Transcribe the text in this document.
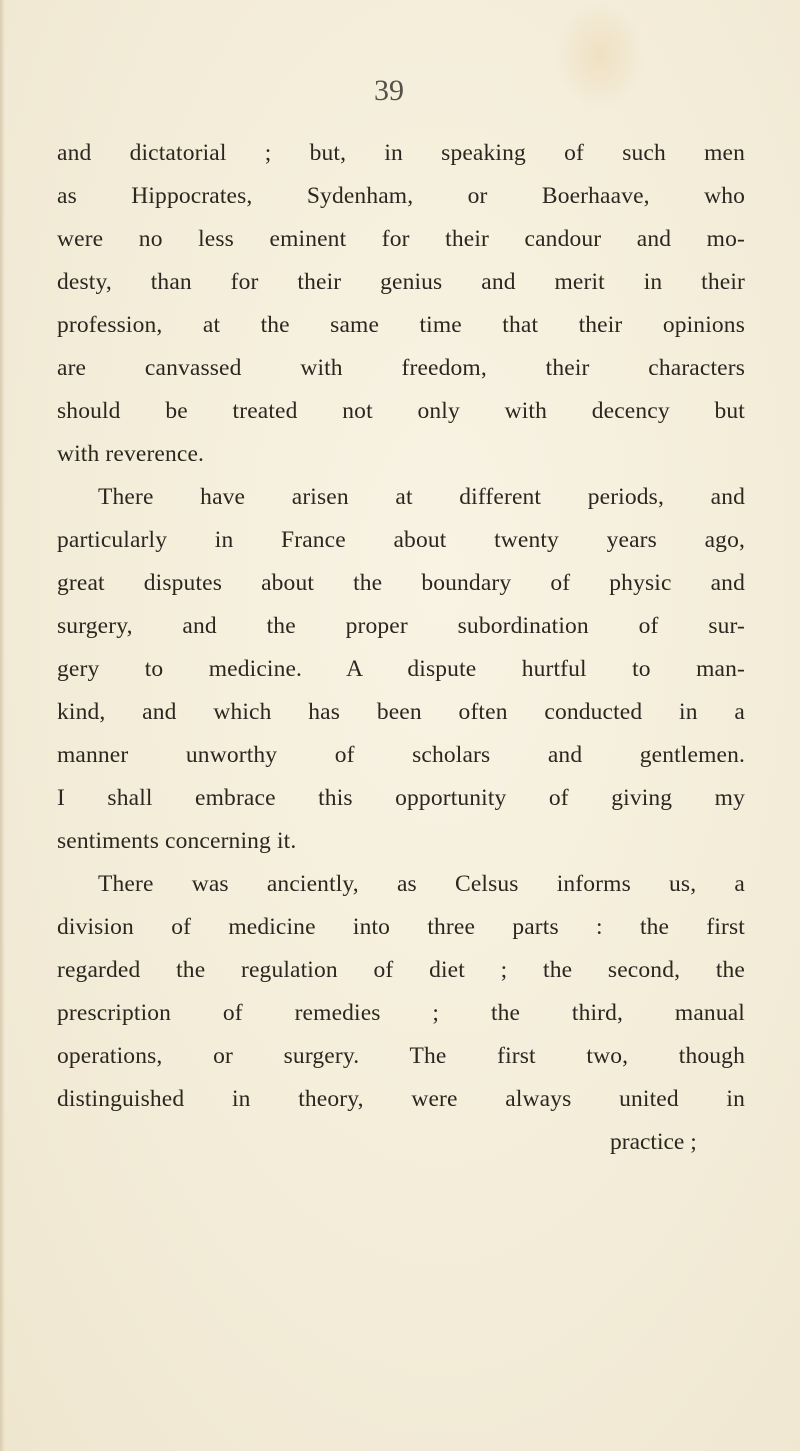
39
and dictatorial ; but, in speaking of such men
as Hippocrates, Sydenham, or Boerhaave, who
were no less eminent for their candour and mo-
desty, than for their genius and merit in their
profession, at the same time that their opinions
are canvassed with freedom, their characters
should be treated not only with decency but
with reverence.
There have arisen at different periods, and
particularly in France about twenty years ago,
great disputes about the boundary of physic and
surgery, and the proper subordination of sur-
gery to medicine. A dispute hurtful to man-
kind, and which has been often conducted in a
manner unworthy of scholars and gentlemen.
I shall embrace this opportunity of giving my
sentiments concerning it.
There was anciently, as Celsus informs us, a
division of medicine into three parts : the first
regarded the regulation of diet ; the second, the
prescription of remedies ; the third, manual
operations, or surgery. The first two, though
distinguished in theory, were always united in
practice ;
